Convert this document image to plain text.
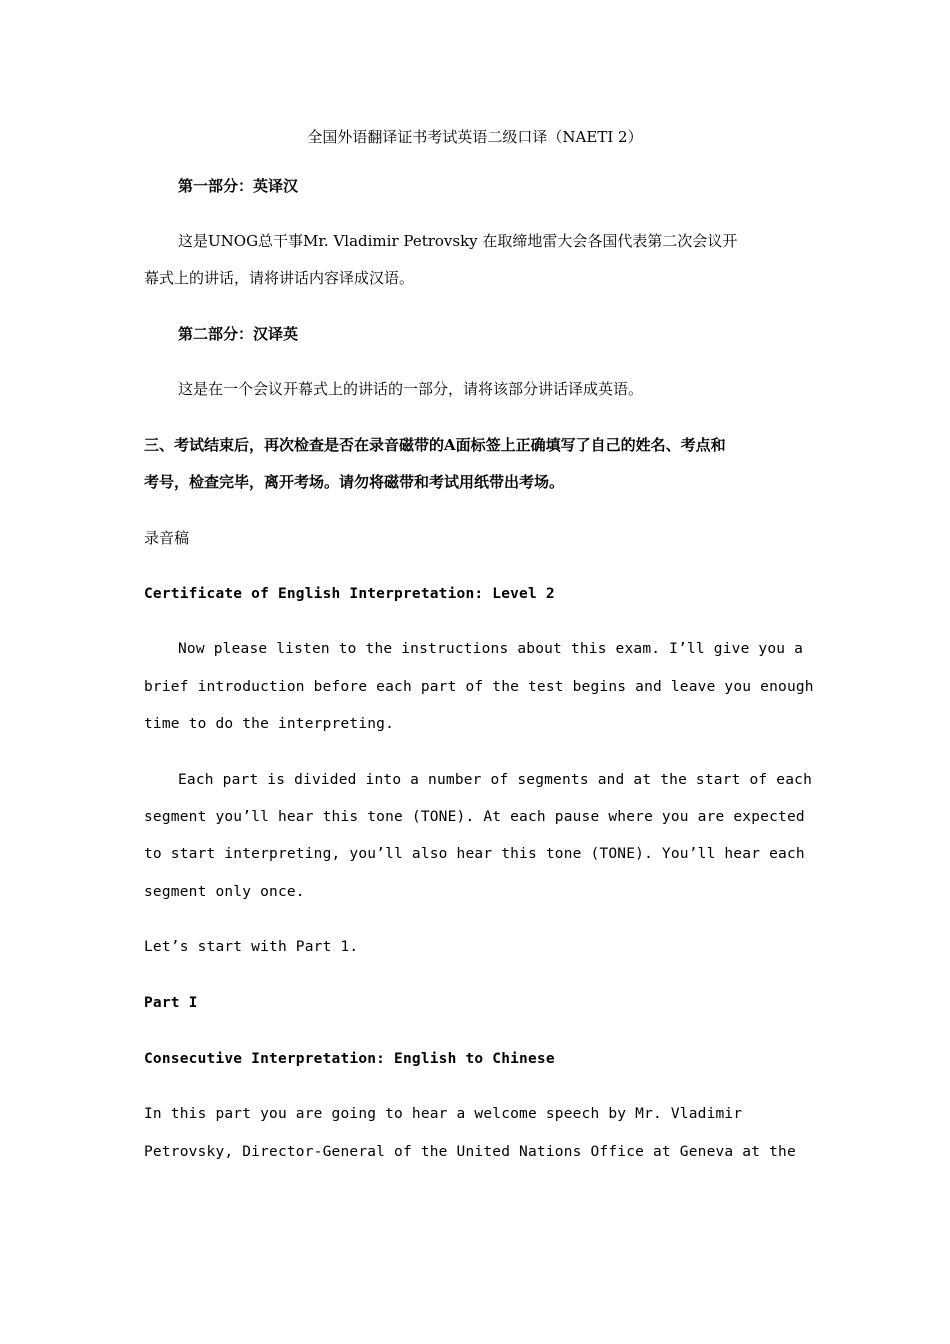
全国外语翻译证书考试英语二级口译（NAETI 2）
第一部分：英译汉
这是UNOG总干事Mr. Vladimir Petrovsky 在取缔地雷大会各国代表第二次会议开
幕式上的讲话，请将讲话内容译成汉语。
第二部分：汉译英
这是在一个会议开幕式上的讲话的一部分，请将该部分讲话译成英语。
三、考试结束后，再次检查是否在录音磁带的A面标签上正确填写了自己的姓名、考点和
考号，检查完毕，离开考场。请勿将磁带和考试用纸带出考场。
录音稿
Certificate of English Interpretation: Level 2
Now please listen to the instructions about this exam. I’ll give you a
brief introduction before each part of the test begins and leave you enough
time to do the interpreting.
Each part is divided into a number of segments and at the start of each
segment you’ll hear this tone (TONE). At each pause where you are expected
to start interpreting, you’ll also hear this tone (TONE). You’ll hear each
segment only once.
Let’s start with Part 1.
Part I
Consecutive Interpretation: English to Chinese
In this part you are going to hear a welcome speech by Mr. Vladimir
Petrovsky, Director-General of the United Nations Office at Geneva at the
